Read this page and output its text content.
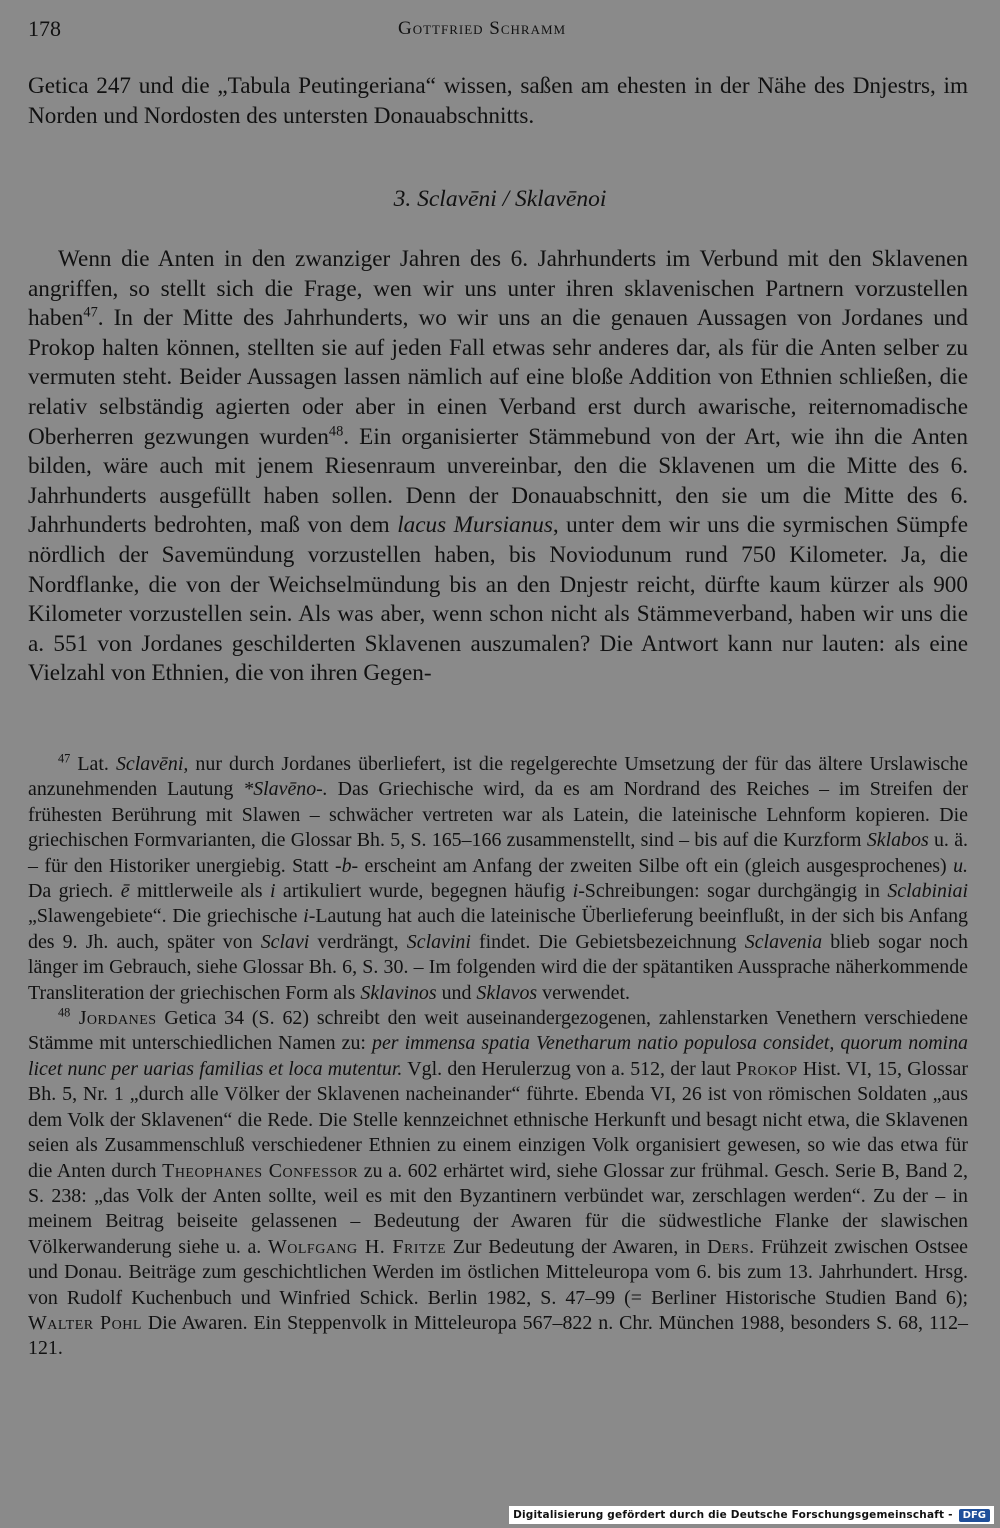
178	Gottfried Schramm
Getica 247 und die „Tabula Peutingeriana“ wissen, saßen am ehesten in der Nähe des Dnjestrs, im Norden und Nordosten des untersten Donauabschnitts.
3. Sclavēni / Sklavēnoi
Wenn die Anten in den zwanziger Jahren des 6. Jahrhunderts im Verbund mit den Sklavenen angriffen, so stellt sich die Frage, wen wir uns unter ihren sklavenischen Partnern vorzustellen haben$^{47}$. In der Mitte des Jahrhunderts, wo wir uns an die genauen Aussagen von Jordanes und Prokop halten können, stellten sie auf jeden Fall etwas sehr anderes dar, als für die Anten selber zu vermuten steht. Beider Aussagen lassen nämlich auf eine bloße Addition von Ethnien schließen, die relativ selbständig agierten oder aber in einen Verband erst durch awarische, reiternomadische Oberherren gezwungen wurden$^{48}$. Ein organisierter Stämmebund von der Art, wie ihn die Anten bilden, wäre auch mit jenem Riesenraum unvereinbar, den die Sklavenen um die Mitte des 6. Jahrhunderts ausgefüllt haben sollen. Denn der Donauabschnitt, den sie um die Mitte des 6. Jahrhunderts bedrohten, maß von dem lacus Mursianus, unter dem wir uns die syrmischen Sümpfe nördlich der Savemündung vorzustellen haben, bis Noviodunum rund 750 Kilometer. Ja, die Nordflanke, die von der Weichselmündung bis an den Dnjestr reicht, dürfte kaum kürzer als 900 Kilometer vorzustellen sein. Als was aber, wenn schon nicht als Stämmeverband, haben wir uns die a. 551 von Jordanes geschilderten Sklavenen auszumalen? Die Antwort kann nur lauten: als eine Vielzahl von Ethnien, die von ihren Gegen-

$^{47}$ Lat. Sclavēni, nur durch Jordanes überliefert, ist die regelgerechte Umsetzung der für das ältere Urslawische anzunehmenden Lautung *Slavēno-. Das Griechische wird, da es am Nordrand des Reiches – im Streifen der frühesten Berührung mit Slawen – schwächer vertreten war als Latein, die lateinische Lehnform kopieren. Die griechischen Formvarianten, die Glossar Bh. 5, S. 165–166 zusammenstellt, sind – bis auf die Kurzform Sklabos u. ä. – für den Historiker unergiebig. Statt -b- erscheint am Anfang der zweiten Silbe oft ein (gleich ausgesprochenes) u. Da griech. ē mittlerweile als i artikuliert wurde, begegnen häufig i-Schreibungen: sogar durchgängig in Sclabiniai „Slawengebiete“. Die griechische i-Lautung hat auch die lateinische Überlieferung beeinflußt, in der sich bis Anfang des 9. Jh. auch, später von Sclavi verdrängt, Sclavini findet. Die Gebietsbezeichnung Sclavenia blieb sogar noch länger im Gebrauch, siehe Glossar Bh. 6, S. 30. – Im folgenden wird die der spätantiken Aussprache näherkommende Transliteration der griechischen Form als Sklavinos und Sklavos verwendet.

$^{48}$ Jordanes Getica 34 (S. 62) schreibt den weit auseinandergezogenen, zahlenstarken Venethern verschiedene Stämme mit unterschiedlichen Namen zu: per immensa spatia Venetharum natio populosa considet, quorum nomina licet nunc per uarias familias et loca mutentur. Vgl. den Herulerzug von a. 512, der laut Prokop Hist. VI, 15, Glossar Bh. 5, Nr. 1 „durch alle Völker der Sklavenen nacheinander“ führte. Ebenda VI, 26 ist von römischen Soldaten „aus dem Volk der Sklavenen“ die Rede. Die Stelle kennzeichnet ethnische Herkunft und besagt nicht etwa, die Sklavenen seien als Zusammenschluß verschiedener Ethnien zu einem einzigen Volk organisiert gewesen, so wie das etwa für die Anten durch Theophanes Confessor zu a. 602 erhärtet wird, siehe Glossar zur frühmal. Gesch. Serie B, Band 2, S. 238: „das Volk der Anten sollte, weil es mit den Byzantinern verbündet war, zerschlagen werden“. Zu der – in meinem Beitrag beiseite gelassenen – Bedeutung der Awaren für die südwestliche Flanke der slawischen Völkerwanderung siehe u. a. Wolfgang H. Fritze Zur Bedeutung der Awaren, in Ders. Frühzeit zwischen Ostsee und Donau. Beiträge zum geschichtlichen Werden im östlichen Mitteleuropa vom 6. bis zum 13. Jahrhundert. Hrsg. von Rudolf Kuchenbuch und Winfried Schick. Berlin 1982, S. 47–99 (= Berliner Historische Studien Band 6); Walter Pohl Die Awaren. Ein Steppenvolk in Mitteleuropa 567–822 n. Chr. München 1988, besonders S. 68, 112–121.

Digitalisierung gefördert durch die Deutsche Forschungsgemeinschaft -	DFG
